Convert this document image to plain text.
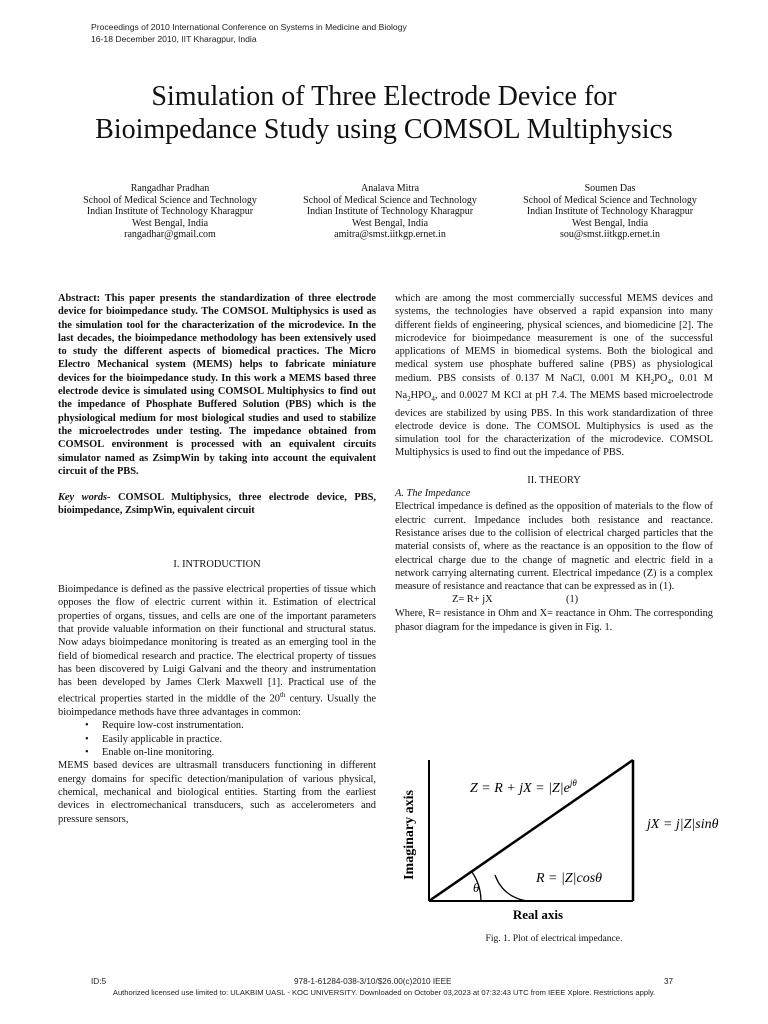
Proceedings of 2010 International Conference on Systems in Medicine and Biology
16-18 December 2010, IIT Kharagpur, India
Simulation of Three Electrode Device for
Bioimpedance Study using COMSOL Multiphysics
Rangadhar Pradhan
School of Medical Science and Technology
Indian Institute of Technology Kharagpur
West Bengal, India
rangadhar@gmail.com
Analava Mitra
School of Medical Science and Technology
Indian Institute of Technology Kharagpur
West Bengal, India
amitra@smst.iitkgp.ernet.in
Soumen Das
School of Medical Science and Technology
Indian Institute of Technology Kharagpur
West Bengal, India
sou@smst.iitkgp.ernet.in

Abstract: This paper presents the standardization of three electrode device for bioimpedance study. The COMSOL Multiphysics is used as the simulation tool for the characterization of the microdevice. In the last decades, the bioimpedance methodology has been extensively used to study the different aspects of biomedical practices. The Micro Electro Mechanical system (MEMS) helps to fabricate miniature devices for the bioimpedance study. In this work a MEMS based three electrode device is simulated using COMSOL Multiphysics to find out the impedance of Phosphate Buffered Solution (PBS) which is the physiological medium for most biological studies and used to stabilize the microelectrodes under testing. The impedance obtained from COMSOL environment is processed with an equivalent circuits simulator named as ZsimpWin by taking into account the equivalent circuit of the PBS.

Key words- COMSOL Multiphysics, three electrode device, PBS, bioimpedance, ZsimpWin, equivalent circuit

I. INTRODUCTION

Bioimpedance is defined as the passive electrical properties of tissue which opposes the flow of electric current within it. Estimation of electrical properties of organs, tissues, and cells are one of the important parameters that provide valuable information on their functional and structural status. Now adays bioimpedance monitoring is treated as an emerging tool in the field of biomedical research and practice. The electrical property of tissues has been discovered by Luigi Galvani and the theory and instrumentation has been developed by James Clerk Maxwell [1]. Practical use of the electrical properties started in the middle of the 20th century. Usually the bioimpedance methods have three advantages in common:

• Require low-cost instrumentation.
• Easily applicable in practice.
• Enable on-line monitoring.

MEMS based devices are ultrasmall transducers functioning in different energy domains for specific detection/manipulation of various physical, chemical, mechanical and biological entities. Starting from the earliest devices in electromechanical transducers, such as accelerometers and pressure sensors,

which are among the most commercially successful MEMS devices and systems, the technologies have observed a rapid expansion into many different fields of engineering, physical sciences, and biomedicine [2]. The microdevice for bioimpedance measurement is one of the successful applications of MEMS in biomedical systems. Both the biological and medical system use phosphate buffered saline (PBS) as physiological medium. PBS consists of 0.137 M NaCl, 0.001 M $KH_2PO_4$, 0.01 M $Na_2HPO_4$, and 0.0027 M KCl at pH 7.4. The MEMS based microelectrode devices are stabilized by using PBS. In this work standardization of three electrode device is done. The COMSOL Multiphysics is used as the simulation tool for the characterization of the microdevice. COMSOL Multiphysics is used to find out the impedance of PBS.

II. THEORY
A. The Impedance

Electrical impedance is defined as the opposition of materials to the flow of electric current. Impedance includes both resistance and reactance. Resistance arises due to the collision of electrical charged particles that the material consists of, where as the reactance is an opposition to the flow of electrical charge due to the change of magnetic and electric field in a network carrying alternating current. Electrical impedance (Z) is a complex measure of resistance and reactance that can be expressed as in (1).

Z= R+ jX	(1)

Where, R= resistance in Ohm and X= reactance in Ohm. The corresponding phasor diagram for the impedance is given in Fig. 1.

θ
Z = R + jX = $|Z|e^{j\theta}$
jX = j|Z|sinθ
R = |Z|cosθ
Imaginary axis
Real axis
Fig. 1. Plot of electrical impedance.
ID:5	978-1-61284-038-3/10/$26.00(c)2010 IEEE	37
Authorized licensed use limited to: ULAKBIM UASL - KOC UNIVERSITY. Downloaded on October 03,2023 at 07:32:43 UTC from IEEE Xplore. Restrictions apply.
